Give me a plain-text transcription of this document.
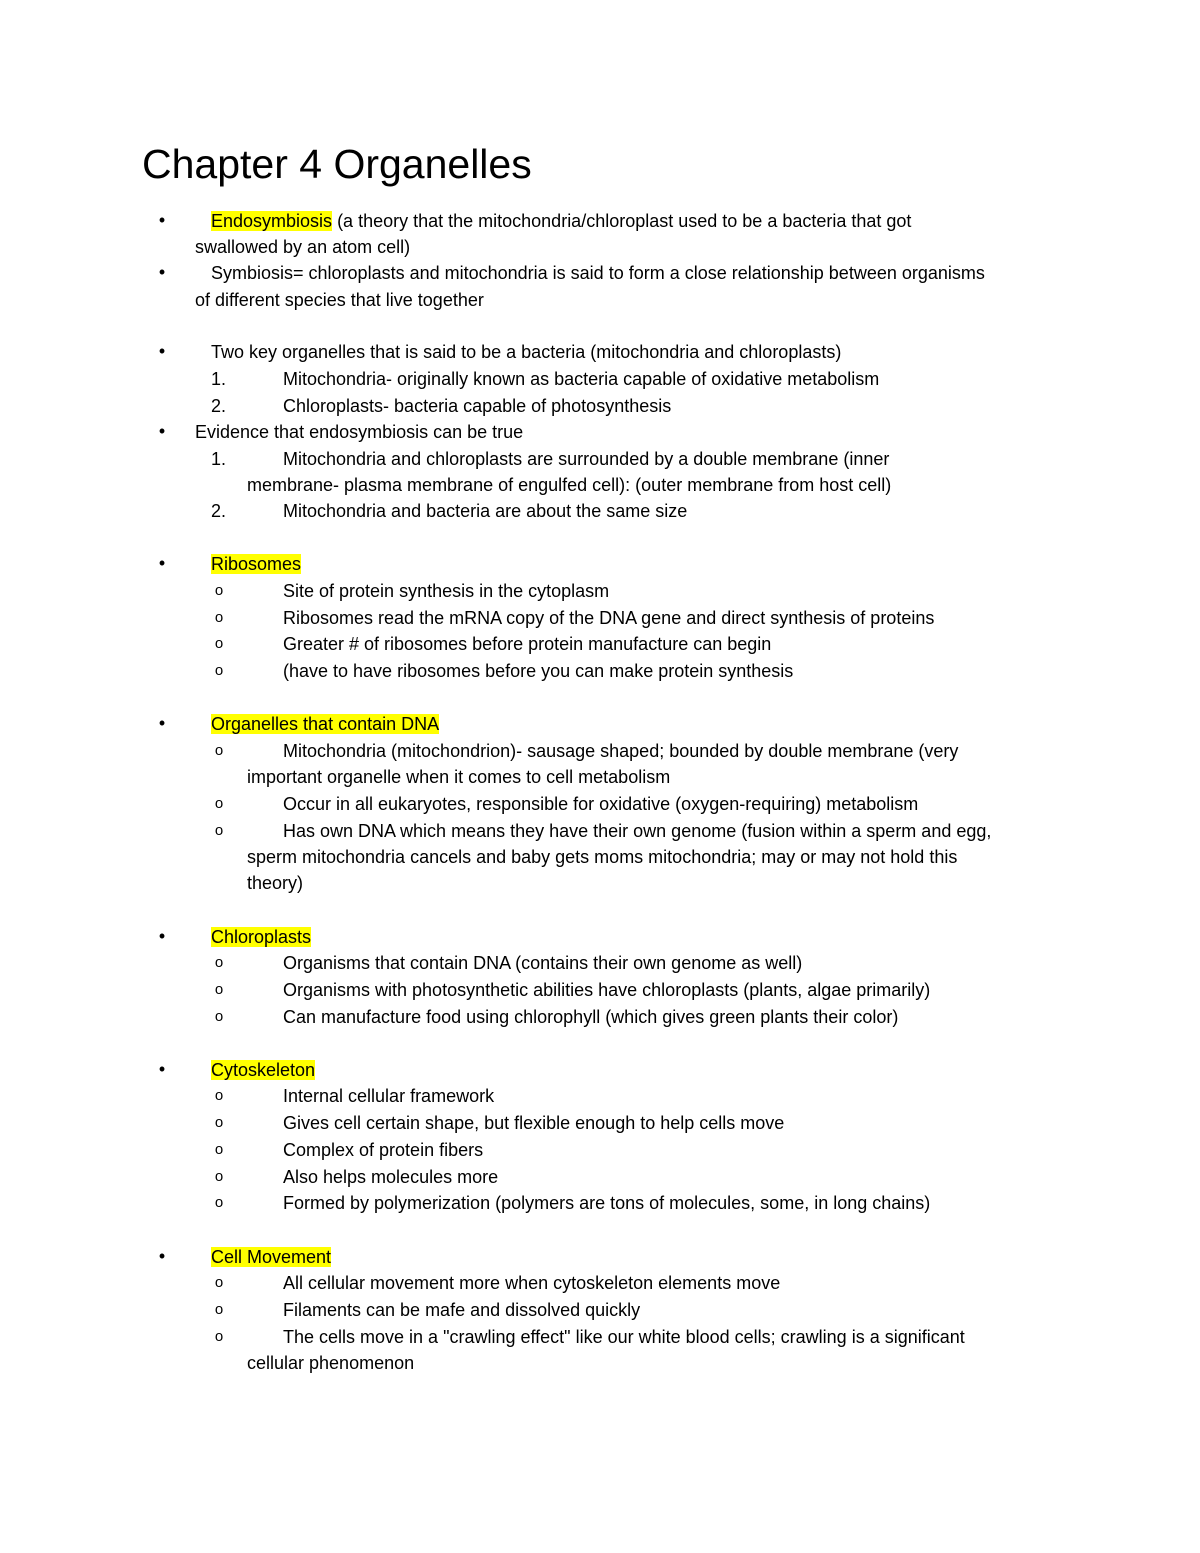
Chapter 4 Organelles
•	Endosymbiosis (a theory that the mitochondria/chloroplast used to be a bacteria that got
swallowed by an atom cell)
•	Symbiosis= chloroplasts and mitochondria is said to form a close relationship between organisms
of different species that live together
•	Two key organelles that is said to be a bacteria (mitochondria and chloroplasts)
1.	Mitochondria- originally known as bacteria capable of oxidative metabolism
2.	Chloroplasts- bacteria capable of photosynthesis
• Evidence that endosymbiosis can be true
1.	Mitochondria and chloroplasts are surrounded by a double membrane (inner
membrane- plasma membrane of engulfed cell): (outer membrane from host cell)
2.	Mitochondria and bacteria are about the same size
•	Ribosomes
o	Site of protein synthesis in the cytoplasm
o	Ribosomes read the mRNA copy of the DNA gene and direct synthesis of proteins
o	Greater # of ribosomes before protein manufacture can begin
o	(have to have ribosomes before you can make protein synthesis
•	Organelles that contain DNA
o	Mitochondria (mitochondrion)- sausage shaped; bounded by double membrane (very
important organelle when it comes to cell metabolism
o	Occur in all eukaryotes, responsible for oxidative (oxygen-requiring) metabolism
o	Has own DNA which means they have their own genome (fusion within a sperm and egg,
sperm mitochondria cancels and baby gets moms mitochondria; may or may not hold this
theory)
•	Chloroplasts
o	Organisms that contain DNA (contains their own genome as well)
o	Organisms with photosynthetic abilities have chloroplasts (plants, algae primarily)
o	Can manufacture food using chlorophyll (which gives green plants their color)
•	Cytoskeleton
o	Internal cellular framework
o	Gives cell certain shape, but flexible enough to help cells move
o	Complex of protein fibers
o	Also helps molecules more
o	Formed by polymerization (polymers are tons of molecules, some, in long chains)
•	Cell Movement
o	All cellular movement more when cytoskeleton elements move
o	Filaments can be mafe and dissolved quickly
o	The cells move in a "crawling effect" like our white blood cells; crawling is a significant
cellular phenomenon
